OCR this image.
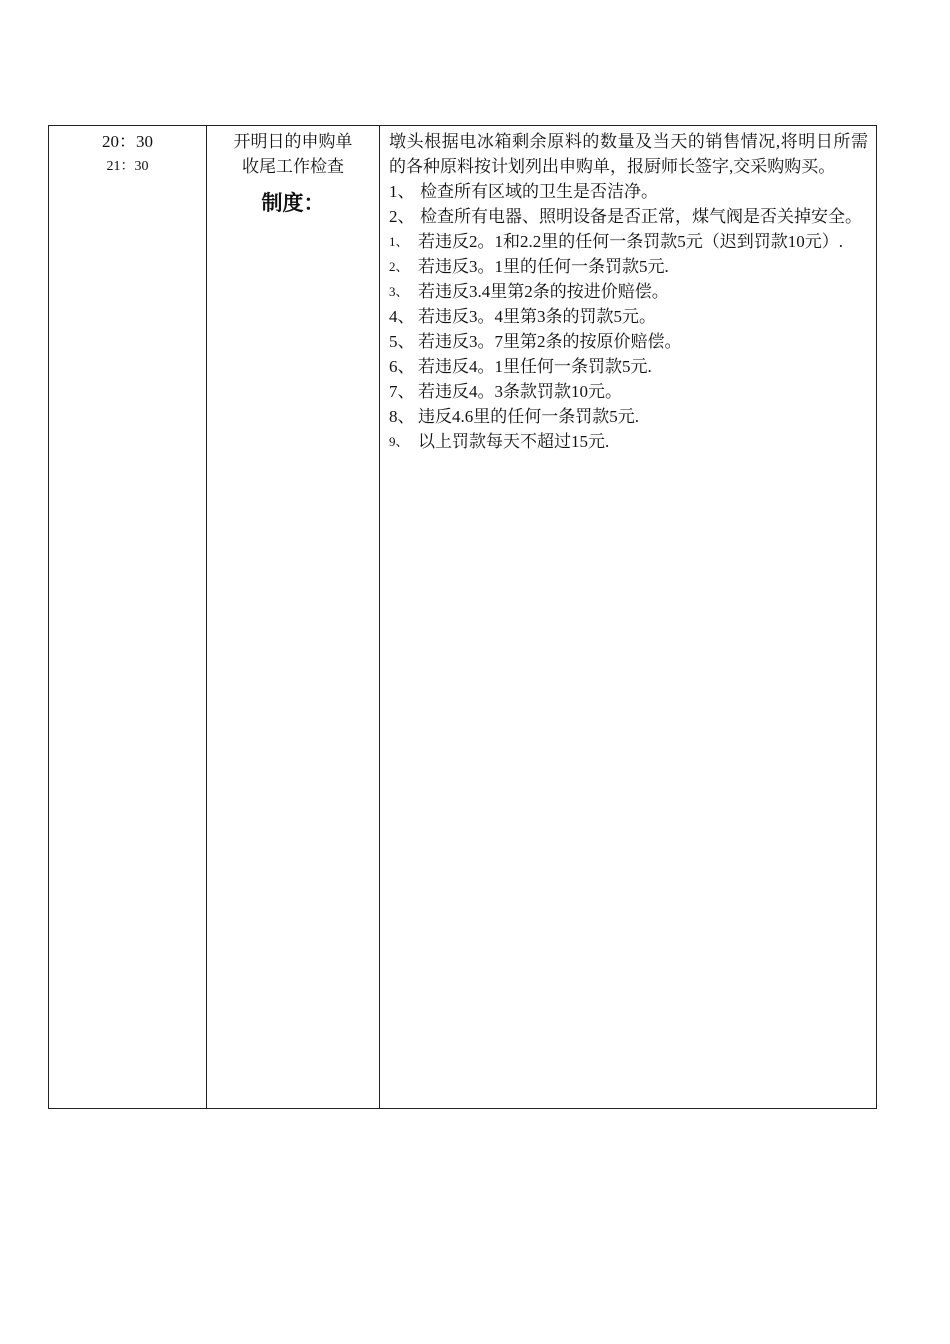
20：30
21：30
开明日的申购单
收尾工作检查
制度：
墩头根据电冰箱剩余原料的数量及当天的销售情况,将明日所需的各种原料按计划列出申购单，报厨师长签字,交采购购买。
1、 检查所有区域的卫生是否洁净。
2、 检查所有电器、照明设备是否正常，煤气阀是否关掉安全。
1、 若违反2。1和2.2里的任何一条罚款5元（迟到罚款10元）.
2、 若违反3。1里的任何一条罚款5元.
3、 若违反3.4里第2条的按进价赔偿。
4、 若违反3。4里第3条的罚款5元。
5、 若违反3。7里第2条的按原价赔偿。
6、 若违反4。1里任何一条罚款5元.
7、 若违反4。3条款罚款10元。
8、 违反4.6里的任何一条罚款5元.
9、 以上罚款每天不超过15元.
